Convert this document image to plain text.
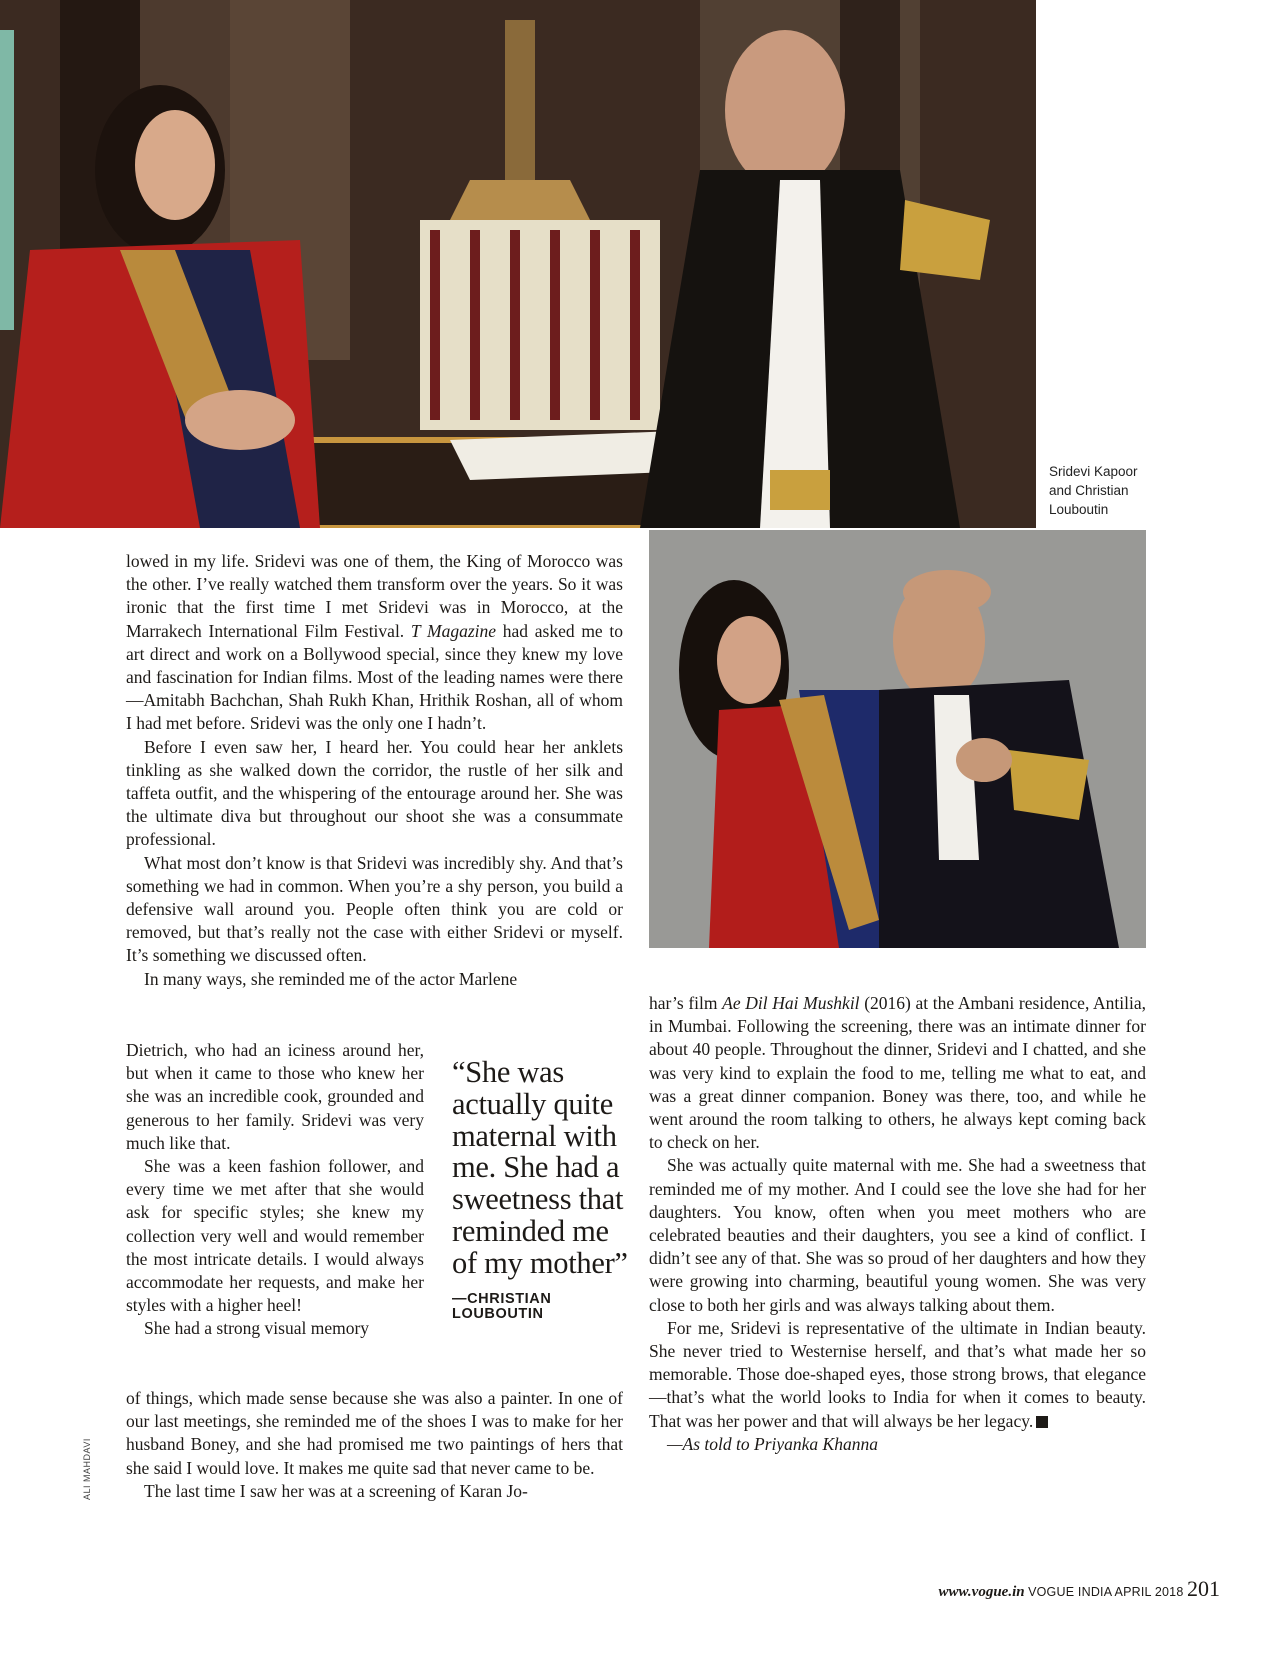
Sridevi Kapoor
and Christian
Louboutin
ALI MAHDAVI

lowed in my life. Sridevi was one of them, the King of Morocco was the other. I’ve really watched them transform over the years. So it was ironic that the first time I met Sridevi was in Morocco, at the Marrakech International Film Festival. T Magazine had asked me to art direct and work on a Bollywood special, since they knew my love and fascination for Indian films. Most of the leading names were there—Amitabh Bachchan, Shah Rukh Khan, Hrithik Roshan, all of whom I had met before. Sridevi was the only one I hadn’t.

Before I even saw her, I heard her. You could hear her anklets tinkling as she walked down the corridor, the rustle of her silk and taffeta outfit, and the whispering of the entourage around her. She was the ultimate diva but throughout our shoot she was a consummate professional.

What most don’t know is that Sridevi was incredibly shy. And that’s something we had in common. When you’re a shy person, you build a defensive wall around you. People often think you are cold or removed, but that’s really not the case with either Sridevi or myself. It’s something we discussed often.

In many ways, she reminded me of the actor Marlene

Dietrich, who had an iciness around her, but when it came to those who knew her she was an incredible cook, grounded and generous to her family. Sridevi was very much like that.

She was a keen fashion follower, and every time we met after that she would ask for specific styles; she knew my collection very well and would remember the most intricate details. I would always accommodate her requests, and make her styles with a higher heel!

She had a strong visual memory

“She was actually quite maternal with me. She had a sweetness that reminded me of my mother”

—CHRISTIAN
LOUBOUTIN

of things, which made sense because she was also a painter. In one of our last meetings, she reminded me of the shoes I was to make for her husband Boney, and she had promised me two paintings of hers that she said I would love. It makes me quite sad that never came to be.

The last time I saw her was at a screening of Karan Jo-

har’s film Ae Dil Hai Mushkil (2016) at the Ambani residence, Antilia, in Mumbai. Following the screening, there was an intimate dinner for about 40 people. Throughout the dinner, Sridevi and I chatted, and she was very kind to explain the food to me, telling me what to eat, and was a great dinner companion. Boney was there, too, and while he went around the room talking to others, he always kept coming back to check on her.

She was actually quite maternal with me. She had a sweetness that reminded me of my mother. And I could see the love she had for her daughters. You know, often when you meet mothers who are celebrated beauties and their daughters, you see a kind of conflict. I didn’t see any of that. She was so proud of her daughters and how they were growing into charming, beautiful young women. She was very close to both her girls and was always talking about them.

For me, Sridevi is representative of the ultimate in Indian beauty. She never tried to Westernise herself, and that’s what made her so memorable. Those doe-shaped eyes, those strong brows, that elegance—that’s what the world looks to India for when it comes to beauty. That was her power and that will always be her legacy.

—As told to Priyanka Khanna

www.vogue.in VOGUE INDIA APRIL 2018 201
